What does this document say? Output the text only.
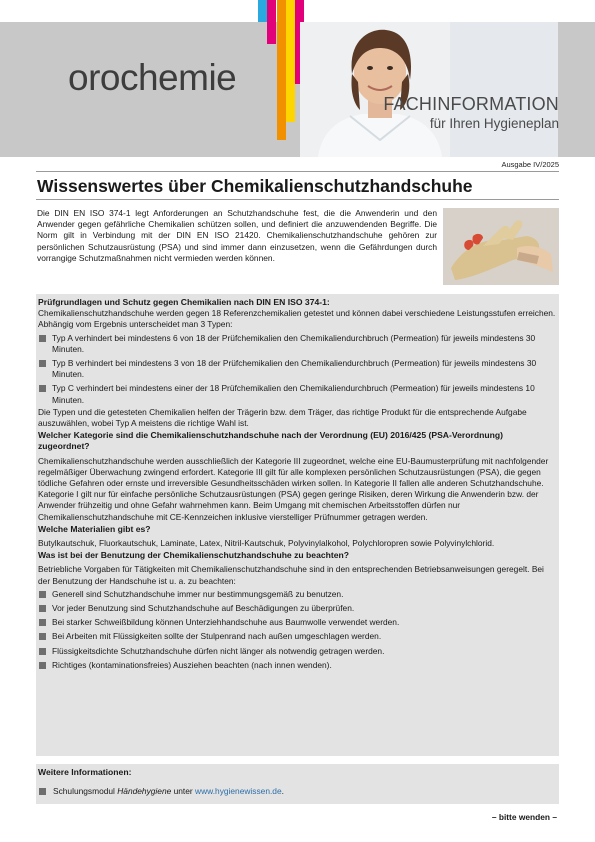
orochemie
FACHINFORMATION
für Ihren Hygieneplan
Ausgabe IV/2025
Wissenswertes über Chemikalienschutzhandschuhe
Die DIN EN ISO 374-1 legt Anforderungen an Schutzhandschuhe fest, die die Anwenderin und den Anwender gegen gefährliche Chemikalien schützen sollen, und definiert die anzuwendenden Begriffe. Die Norm gilt in Verbindung mit der DIN EN ISO 21420. Chemikalienschutzhandschuhe gehören zur persönlichen Schutzausrüstung (PSA) und sind immer dann einzusetzen, wenn die Gefährdungen durch vorrangige Schutzmaßnahmen nicht vermieden werden können.
Prüfgrundlagen und Schutz gegen Chemikalien nach DIN EN ISO 374-1:

Chemikalienschutzhandschuhe werden gegen 18 Referenzchemikalien getestet und können dabei verschiedene Leistungsstufen erreichen. Abhängig vom Ergebnis unterscheidet man 3 Typen:

Typ A verhindert bei mindestens 6 von 18 der Prüfchemikalien den Chemikaliendurchbruch (Permeation) für jeweils mindestens 30 Minuten.
Typ B verhindert bei mindestens 3 von 18 der Prüfchemikalien den Chemikaliendurchbruch (Permeation) für jeweils mindestens 30 Minuten.
Typ C verhindert bei mindestens einer der 18 Prüfchemikalien den Chemikaliendurchbruch (Permeation) für jeweils mindestens 10 Minuten.

Die Typen und die getesteten Chemikalien helfen der Trägerin bzw. dem Träger, das richtige Produkt für die entsprechende Aufgabe auszuwählen, wobei Typ A meistens die richtige Wahl ist.

Welcher Kategorie sind die Chemikalienschutzhandschuhe nach der Verordnung (EU) 2016/425 (PSA-Verordnung) zugeordnet?

Chemikalienschutzhandschuhe werden ausschließlich der Kategorie III zugeordnet, welche eine EU-Baumusterprüfung mit nachfolgender regelmäßiger Überwachung zwingend erfordert. Kategorie III gilt für alle komplexen persönlichen Schutzausrüstungen (PSA), die gegen tödliche Gefahren oder ernste und irreversible Gesundheitsschäden wirken sollen. In Kategorie II fallen alle anderen Schutzhandschuhe. Kategorie I gilt nur für einfache persönliche Schutzausrüstungen (PSA) gegen geringe Risiken, deren Wirkung die Anwenderin bzw. der Anwender frühzeitig und ohne Gefahr wahrnehmen kann. Beim Umgang mit chemischen Arbeitsstoffen dürfen nur Chemikalienschutzhandschuhe mit CE-Kennzeichen inklusive vierstelliger Prüfnummer getragen werden.

Welche Materialien gibt es?

Butylkautschuk, Fluorkautschuk, Laminate, Latex, Nitril-Kautschuk, Polyvinylalkohol, Polychloropren sowie Polyvinylchlorid.

Was ist bei der Benutzung der Chemikalienschutzhandschuhe zu beachten?

Betriebliche Vorgaben für Tätigkeiten mit Chemikalienschutzhandschuhe sind in den entsprechenden Betriebsanweisungen geregelt. Bei der Benutzung der Handschuhe ist u. a. zu beachten:

Generell sind Schutzhandschuhe immer nur bestimmungsgemäß zu benutzen.
Vor jeder Benutzung sind Schutzhandschuhe auf Beschädigungen zu überprüfen.
Bei starker Schweißbildung können Unterziehhandschuhe aus Baumwolle verwendet werden.
Bei Arbeiten mit Flüssigkeiten sollte der Stulpenrand nach außen umgeschlagen werden.
Flüssigkeitsdichte Schutzhandschuhe dürfen nicht länger als notwendig getragen werden.
Richtiges (kontaminationsfreies) Ausziehen beachten (nach innen wenden).
Weitere Informationen:
Schulungsmodul Händehygiene unter www.hygienewissen.de.
– bitte wenden –
